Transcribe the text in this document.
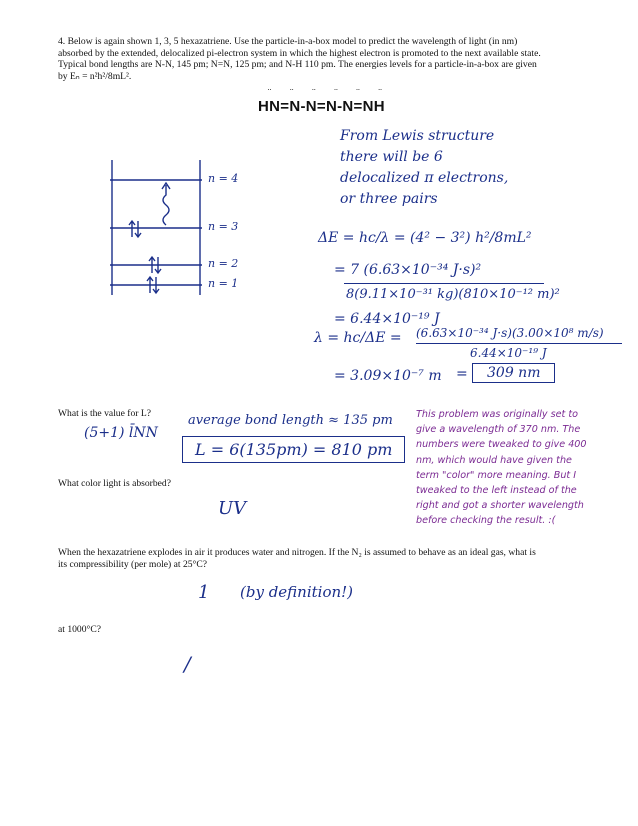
4. Below is again shown 1, 3, 5 hexazatriene. Use the particle-in-a-box model to predict the wavelength of light (in nm)
absorbed by the extended, delocalized pi-electron system in which the highest electron is promoted to the next available state.
Typical bond lengths are N-N, 145 pm; N=N, 125 pm; and N-H 110 pm. The energies levels for a particle-in-a-box are given
by Eₙ = n²h²/8mL².
¨ ¨ ¨ ¨ ¨ ¨
HN=N-N=N-N=NH
n = 4
n = 3
n = 2
n = 1
From Lewis structure
there will be 6
delocalized π electrons,
or three pairs
ΔE = hc/λ = (4² − 3²) h²/8mL²
= 7 (6.63×10⁻³⁴ J·s)²
8(9.11×10⁻³¹ kg)(810×10⁻¹² m)²
= 6.44×10⁻¹⁹ J
λ = hc/ΔE = (6.63×10⁻³⁴ J·s)(3.00×10⁸ m/s)
6.44×10⁻¹⁹ J
= 3.09×10⁻⁷ m =	309 nm
What is the value for L?
(5+1) l̄NN
average bond length ≈ 135 pm
L = 6(135pm) = 810 pm
This problem was originally set to
give a wavelength of 370 nm. The
numbers were tweaked to give 400
nm, which would have given the
term "color" more meaning. But I
tweaked to the left instead of the
right and got a shorter wavelength
before checking the result. :(
What color light is absorbed?
UV
When the hexazatriene explodes in air it produces water and nitrogen. If the N₂ is assumed to behave as an ideal gas, what is
its compressibility (per mole) at 25°C?
1 (by definition!)
at 1000°C?
/
